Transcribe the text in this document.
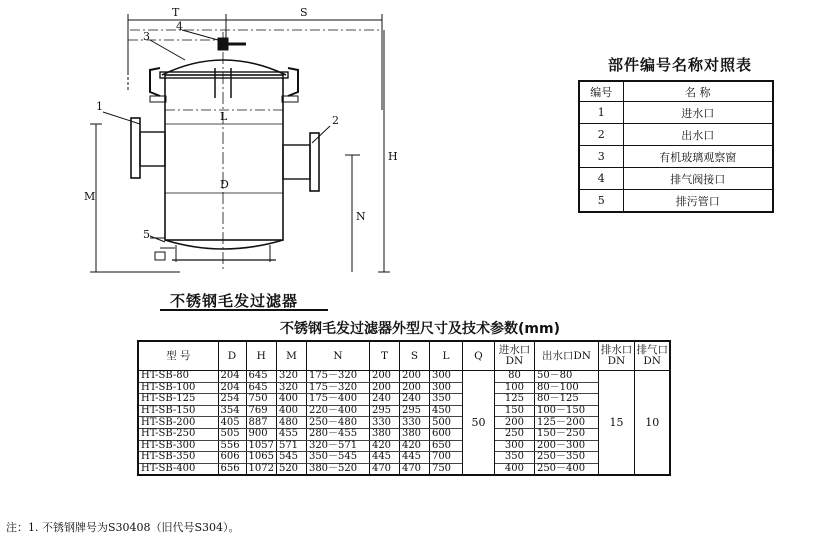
T	S
L
D
H
M
N
1
2
3
4
5
部件编号名称对照表
编号	名 称
1	进水口
2	出水口
3	有机玻璃观察窗
4	排气阀接口
5	排污管口
不锈钢毛发过滤器
不锈钢毛发过滤器外型尺寸及技术参数(mm)
型 号	D	H	M	N	T	S	L	Q	进水口DN	出水口DN	排水口DN	排气口DN
HT-SB-80	204	645	320	175－320	200	200	300	50	80	50－80	15	10
HT-SB-100	204	645	320	175－320	200	200	300		100	80－100		
HT-SB-125	254	750	400	175－400	240	240	350		125	80－125		
HT-SB-150	354	769	400	220－400	295	295	450		150	100－150		
HT-SB-200	405	887	480	250－480	330	330	500		200	125－200		
HT-SB-250	505	900	455	280－455	380	380	600		250	150－250		
HT-SB-300	556	1057	571	320－571	420	420	650		300	200－300		
HT-SB-350	606	1065	545	350－545	445	445	700		350	250－350		
HT-SB-400	656	1072	520	380－520	470	470	750		400	250－400		
注：1. 不锈钢牌号为S30408（旧代号S304）。
